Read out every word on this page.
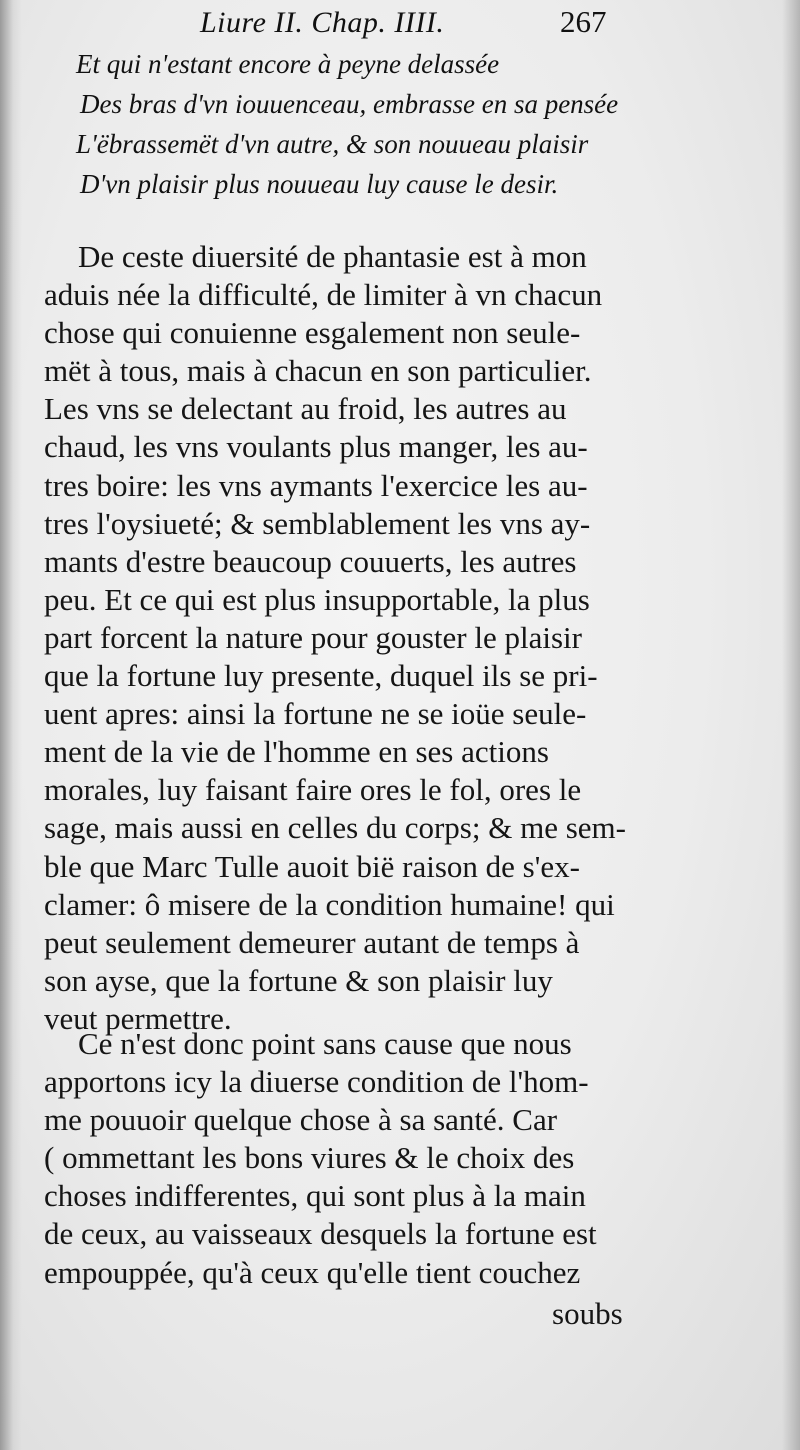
Liure II. Chap. IIII.	267
Et qui n'estant encore à peyne delassée
Des bras d'vn iouuenceau, embrasse en sa pensée
L'ëbrassemët d'vn autre, & son nouueau plaisir
D'vn plaisir plus nouueau luy cause le desir.
De ceste diuersité de phantasie est à mon
aduis née la difficulté, de limiter à vn chacun
chose qui conuienne esgalement non seule-
mët à tous, mais à chacun en son particulier.
Les vns se delectant au froid, les autres au
chaud, les vns voulants plus manger, les au-
tres boire: les vns aymants l'exercice les au-
tres l'oysiueté; & semblablement les vns ay-
mants d'estre beaucoup couuerts, les autres
peu. Et ce qui est plus insupportable, la plus
part forcent la nature pour gouster le plaisir
que la fortune luy presente, duquel ils se pri-
uent apres: ainsi la fortune ne se ioüe seule-
ment de la vie de l'homme en ses actions
morales, luy faisant faire ores le fol, ores le
sage, mais aussi en celles du corps; & me sem-
ble que Marc Tulle auoit bië raison de s'ex-
clamer: ô misere de la condition humaine! qui
peut seulement demeurer autant de temps à
son ayse, que la fortune & son plaisir luy
veut permettre.
Ce n'est donc point sans cause que nous
apportons icy la diuerse condition de l'hom-
me pouuoir quelque chose à sa santé. Car
( ommettant les bons viures & le choix des
choses indifferentes, qui sont plus à la main
de ceux, au vaisseaux desquels la fortune est
empouppée, qu'à ceux qu'elle tient couchez
soubs
